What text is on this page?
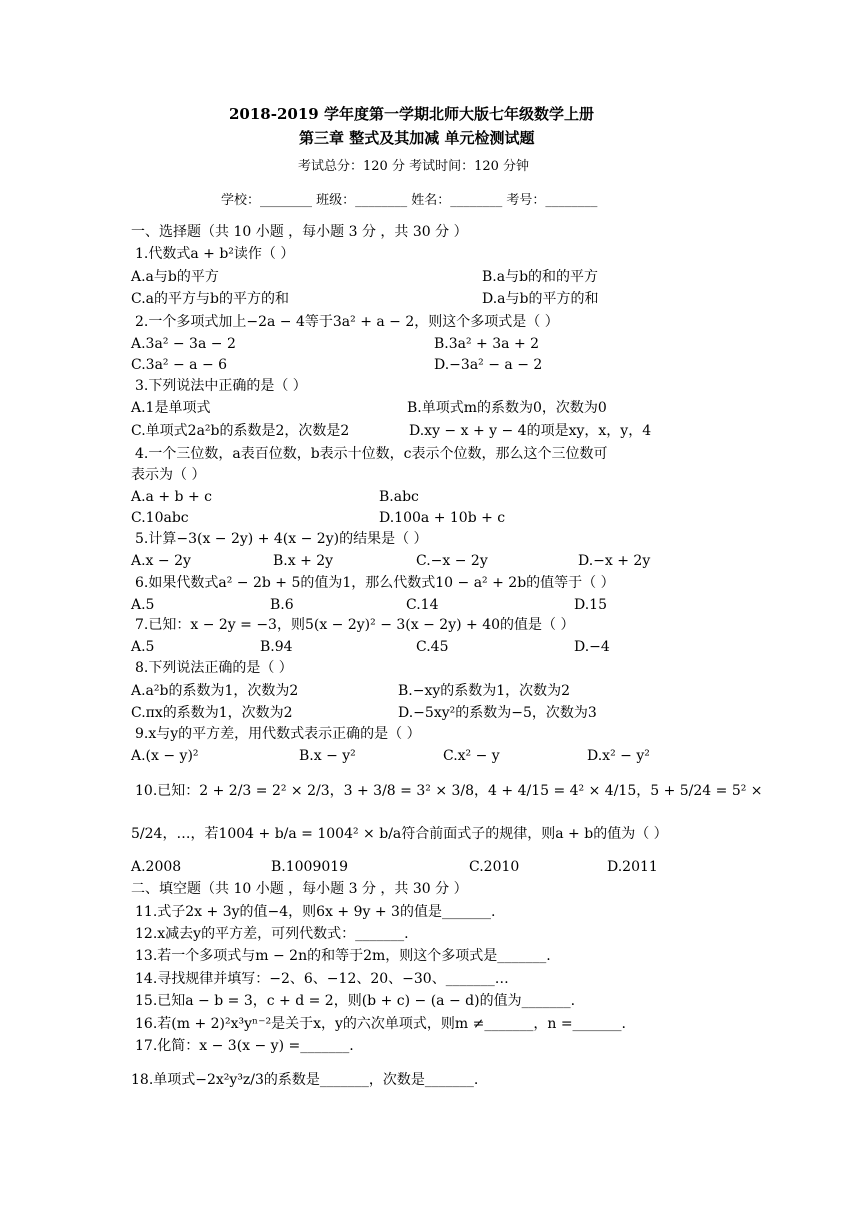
2018-2019 学年度第一学期北师大版七年级数学上册
第三章 整式及其加减 单元检测试题
考试总分：120 分 考试时间：120 分钟
学校：________ 班级：________ 姓名：________ 考号：________
一、选择题（共 10 小题 ，每小题 3 分 ，共 30 分 ）
1.代数式a + b²读作（ ）
A.a与b的平方	B.a与b的和的平方
C.a的平方与b的平方的和	D.a与b的平方的和
2.一个多项式加上−2a − 4等于3a² + a − 2，则这个多项式是（ ）
A.3a² − 3a − 2	B.3a² + 3a + 2
C.3a² − a − 6	D.−3a² − a − 2
3.下列说法中正确的是（ ）
A.1是单项式	B.单项式m的系数为0，次数为0
C.单项式2a²b的系数是2，次数是2	D.xy − x + y − 4的项是xy，x，y，4
4.一个三位数，a表百位数，b表示十位数，c表示个位数，那么这个三位数可
表示为（ ）
A.a + b + c	B.abc
C.10abc	D.100a + 10b + c
5.计算−3(x − 2y) + 4(x − 2y)的结果是（ ）
A.x − 2y	B.x + 2y	C.−x − 2y	D.−x + 2y
6.如果代数式a² − 2b + 5的值为1，那么代数式10 − a² + 2b的值等于（ ）
A.5	B.6	C.14	D.15
7.已知：x − 2y = −3，则5(x − 2y)² − 3(x − 2y) + 40的值是（ ）
A.5	B.94	C.45	D.−4
8.下列说法正确的是（ ）
A.a²b的系数为1，次数为2	B.−xy的系数为1，次数为2
C.πx的系数为1，次数为2	D.−5xy²的系数为−5，次数为3
9.x与y的平方差，用代数式表示正确的是（ ）
A.(x − y)²	B.x − y²	C.x² − y	D.x² − y²
10.已知：2 + 2/3 = 2² × 2/3，3 + 3/8 = 3² × 3/8，4 + 4/15 = 4² × 4/15，5 + 5/24 = 5² ×
5/24，…，若1004 + b/a = 1004² × b/a符合前面式子的规律，则a + b的值为（ ）
A.2008	B.1009019	C.2010	D.2011
二、填空题（共 10 小题 ，每小题 3 分 ，共 30 分 ）
11.式子2x + 3y的值−4，则6x + 9y + 3的值是_______.
12.x减去y的平方差，可列代数式：_______.
13.若一个多项式与m − 2n的和等于2m，则这个多项式是_______.
14.寻找规律并填写：−2、6、−12、20、−30、_______…
15.已知a − b = 3，c + d = 2，则(b + c) − (a − d)的值为_______.
16.若(m + 2)²x³yⁿ⁻²是关于x，y的六次单项式，则m ≠_______，n =_______.
17.化简：x − 3(x − y) =_______.
18.单项式−2x²y³z/3的系数是_______，次数是_______.
